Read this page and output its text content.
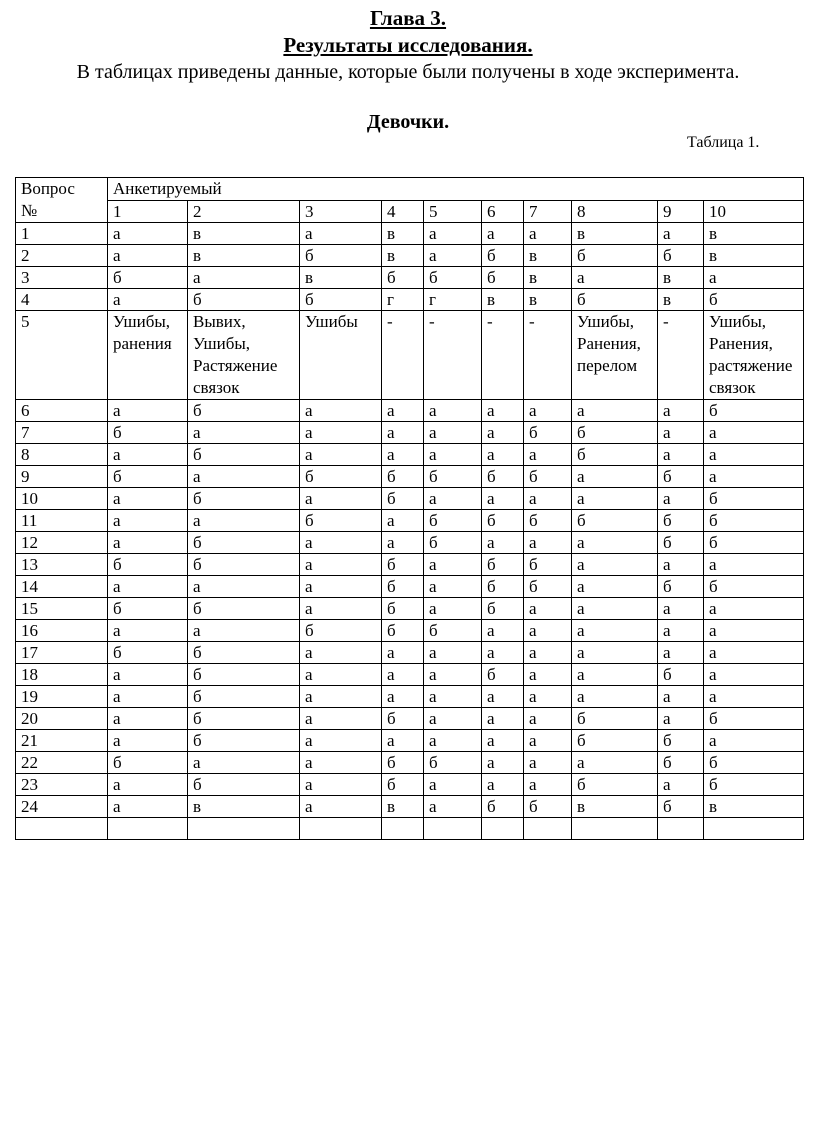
Глава 3.
Результаты исследования.
В таблицах приведены данные, которые были получены в ходе эксперимента.
Девочки.
Таблица 1.
Вопрос
№	Анкетируемый									
	1	2	3	4	5	6	7	8	9	10
1	а	в	а	в	а	а	а	в	а	в
2	а	в	б	в	а	б	в	б	б	в
3	б	а	в	б	б	б	в	а	в	а
4	а	б	б	г	г	в	в	б	в	б
5	Ушибы, ранения	Вывих, Ушибы, Растяжение связок	Ушибы	-	-	-	-	Ушибы, Ранения, перелом	-	Ушибы, Ранения, растяжение связок
6	а	б	а	а	а	а	а	а	а	б
7	б	а	а	а	а	а	б	б	а	а
8	а	б	а	а	а	а	а	б	а	а
9	б	а	б	б	б	б	б	а	б	а
10	а	б	а	б	а	а	а	а	а	б
11	а	а	б	а	б	б	б	б	б	б
12	а	б	а	а	б	а	а	а	б	б
13	б	б	а	б	а	б	б	а	а	а
14	а	а	а	б	а	б	б	а	б	б
15	б	б	а	б	а	б	а	а	а	а
16	а	а	б	б	б	а	а	а	а	а
17	б	б	а	а	а	а	а	а	а	а
18	а	б	а	а	а	б	а	а	б	а
19	а	б	а	а	а	а	а	а	а	а
20	а	б	а	б	а	а	а	б	а	б
21	а	б	а	а	а	а	а	б	б	а
22	б	а	а	б	б	а	а	а	б	б
23	а	б	а	б	а	а	а	б	а	б
24	а	в	а	в	а	б	б	в	б	в
